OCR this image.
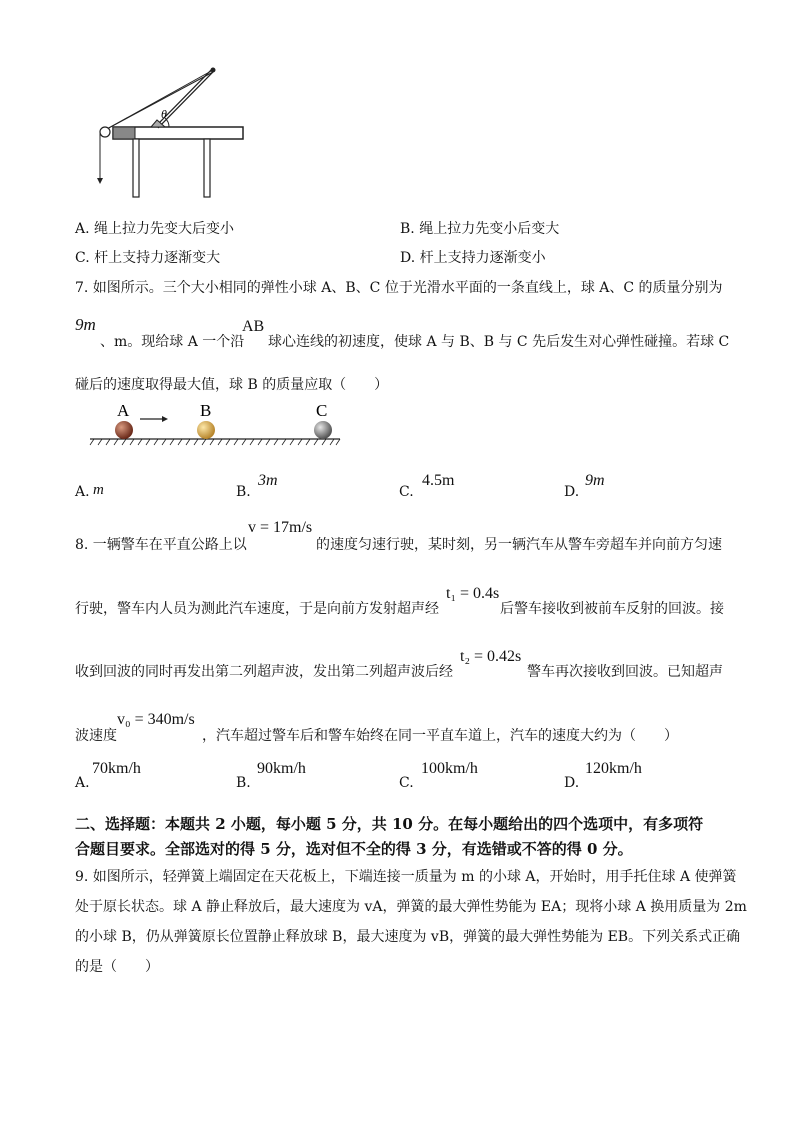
θ
A. 绳上拉力先变大后变小	B. 绳上拉力先变小后变大
C. 杆上支持力逐渐变大	D. 杆上支持力逐渐变小
7. 如图所示。三个大小相同的弹性小球 A、B、C 位于光滑水平面的一条直线上，球 A、C 的质量分别为
9m
、m。现给球 A 一个沿
AB
球心连线的初速度，使球 A 与 B、B 与 C 先后发生对心弹性碰撞。若球 C
碰后的速度取得最大值，球 B 的质量应取（　　）
A	B	C
A. m	B.
3m
C.
4.5m
D.
9m
8. 一辆警车在平直公路上以
v = 17m/s
的速度匀速行驶，某时刻，另一辆汽车从警车旁超车并向前方匀速
行驶，警车内人员为测此汽车速度，于是向前方发射超声经
t₁ = 0.4s
后警车接收到被前车反射的回波。接
收到回波的同时再发出第二列超声波，发出第二列超声波后经
t₂ = 0.42s
警车再次接收到回波。已知超声
波速度
v₀ = 340m/s
，汽车超过警车后和警车始终在同一平直车道上，汽车的速度大约为（　　）
A.
70km/h
B.
90km/h
C.
100km/h
D.
120km/h
二、选择题：本题共 2 小题，每小题 5 分，共 10 分。在每小题给出的四个选项中，有多项符
合题目要求。全部选对的得 5 分，选对但不全的得 3 分，有选错或不答的得 0 分。
9. 如图所示，轻弹簧上端固定在天花板上，下端连接一质量为 m 的小球 A，开始时，用手托住球 A 使弹簧
处于原长状态。球 A 静止释放后，最大速度为 vA，弹簧的最大弹性势能为 EA；现将小球 A 换用质量为 2m
的小球 B，仍从弹簧原长位置静止释放球 B，最大速度为 vB，弹簧的最大弹性势能为 EB。下列关系式正确
的是（　　）
